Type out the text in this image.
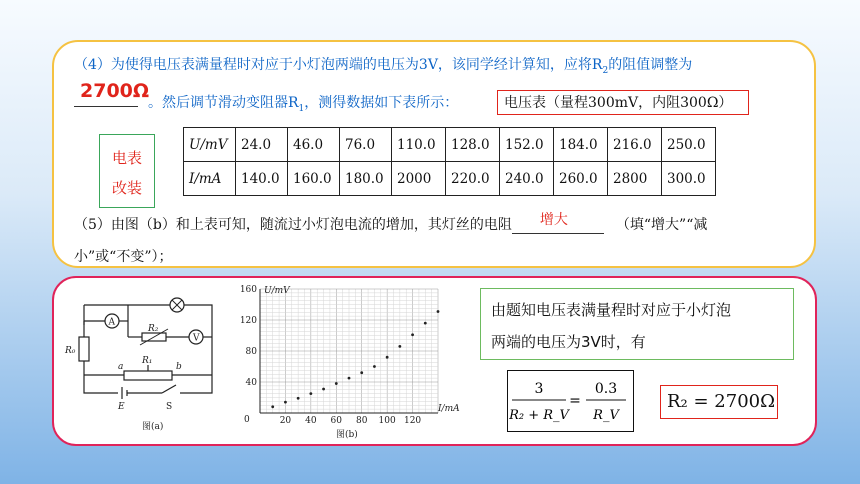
（4）为使得电压表满量程时对应于小灯泡两端的电压为3V，该同学经计算知，应将$R_2$的阻值调整为
2700Ω
。然后调节滑动变阻器$R_1$，测得数据如下表所示：	电压表（量程300mV，内阻300Ω）
电表
改装
U/mV	24.0	46.0	76.0	110.0	128.0	152.0	184.0	216.0	250.0
I/mA	140.0	160.0	180.0	2000	220.0	240.0	260.0	2800	300.0
（5）由图（b）和上表可知，随流过小灯泡电流的增加，其灯丝的电阻 增大	（填“增大”“减
小”或“不变”）；
A
V
R₀
R₂
R₁
a	b
E	S
图(a)
40
80
120
160
20 40 60 80 100 120
U/mV
I/mA
0
图(b)
由题知电压表满量程时对应于小灯泡
两端的电压为3V时，有
3
R₂ + R_V
=
0.3
R_V
R₂ = 2700Ω
